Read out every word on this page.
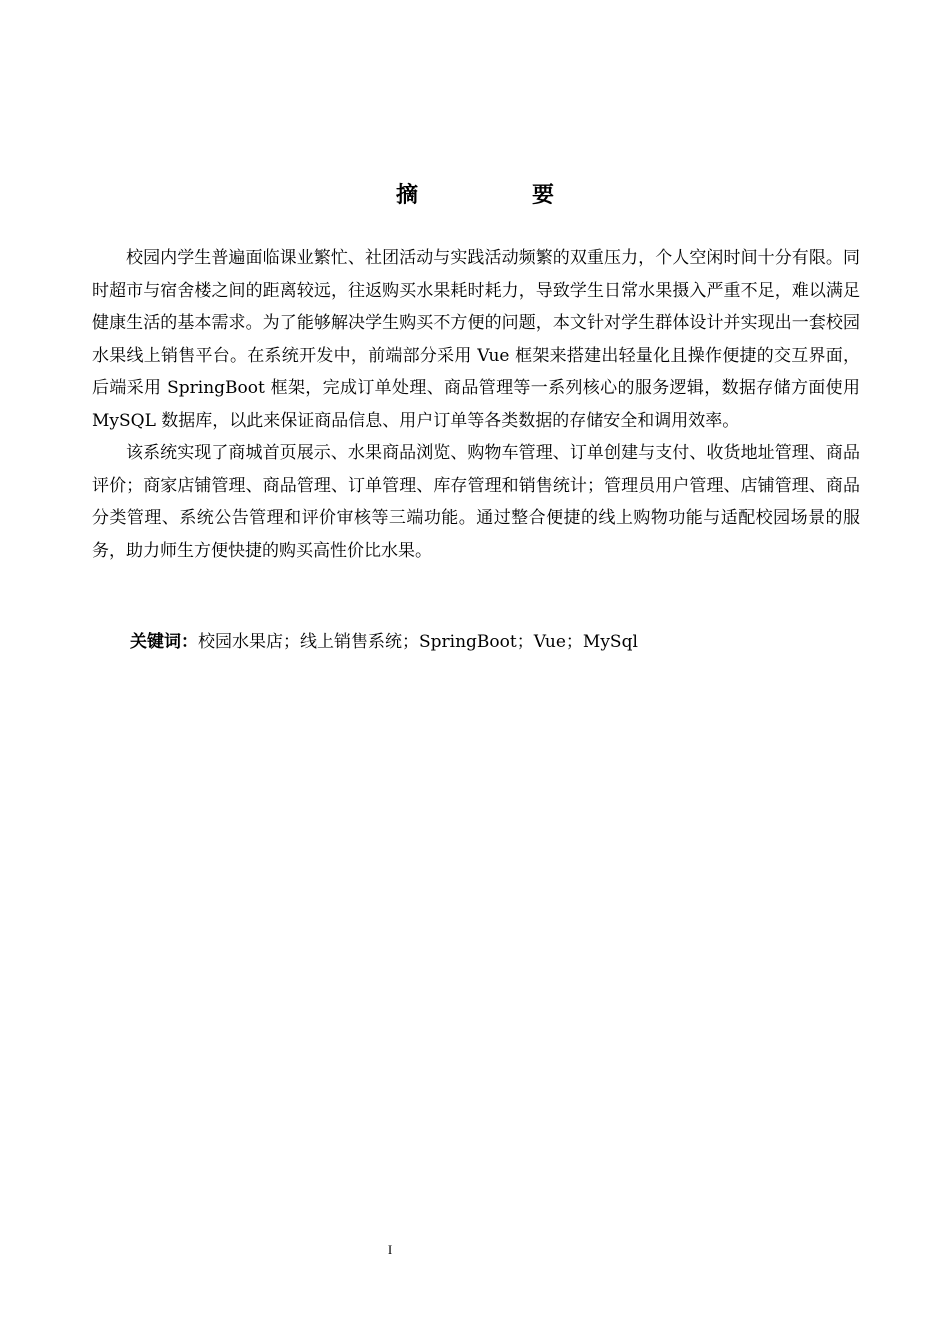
摘　要

校园内学生普遍面临课业繁忙、社团活动与实践活动频繁的双重压力，个人空闲时间十分有限。同时超市与宿舍楼之间的距离较远，往返购买水果耗时耗力，导致学生日常水果摄入严重不足，难以满足健康生活的基本需求。为了能够解决学生购买不方便的问题，本文针对学生群体设计并实现出一套校园水果线上销售平台。在系统开发中，前端部分采用 Vue 框架来搭建出轻量化且操作便捷的交互界面，后端采用 SpringBoot 框架，完成订单处理、商品管理等一系列核心的服务逻辑，数据存储方面使用 MySQL 数据库，以此来保证商品信息、用户订单等各类数据的存储安全和调用效率。

该系统实现了商城首页展示、水果商品浏览、购物车管理、订单创建与支付、收货地址管理、商品评价；商家店铺管理、商品管理、订单管理、库存管理和销售统计；管理员用户管理、店铺管理、商品分类管理、系统公告管理和评价审核等三端功能。通过整合便捷的线上购物功能与适配校园场景的服务，助力师生方便快捷的购买高性价比水果。

关键词：校园水果店；线上销售系统；SpringBoot；Vue；MySql
I
